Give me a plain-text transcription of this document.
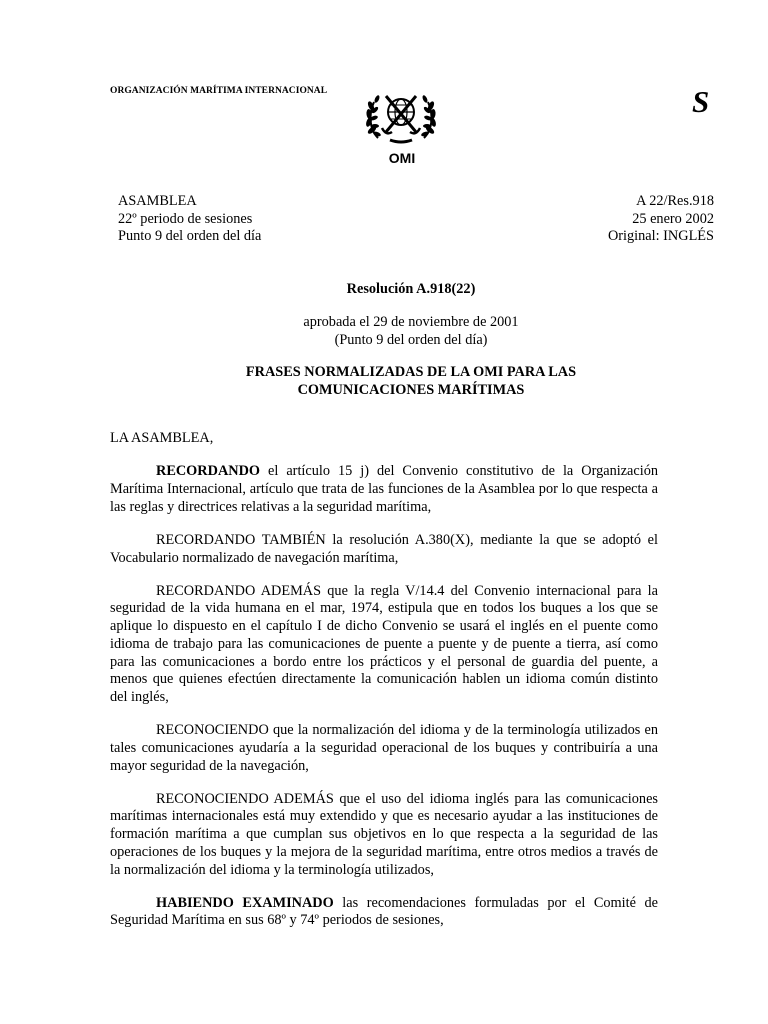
ORGANIZACIÓN MARÍTIMA INTERNACIONAL
OMI
S
ASAMBLEA
22º periodo de sesiones
Punto 9 del orden del día
A 22/Res.918
25 enero 2002
Original: INGLÉS
Resolución A.918(22)
aprobada el 29 de noviembre de 2001
(Punto 9 del orden del día)
FRASES NORMALIZADAS DE LA OMI PARA LAS
COMUNICACIONES MARÍTIMAS

LA ASAMBLEA,

RECORDANDO el artículo 15 j) del Convenio constitutivo de la Organización Marítima Internacional, artículo que trata de las funciones de la Asamblea por lo que respecta a las reglas y directrices relativas a la seguridad marítima,

RECORDANDO TAMBIÉN la resolución A.380(X), mediante la que se adoptó el Vocabulario normalizado de navegación marítima,

RECORDANDO ADEMÁS que la regla V/14.4 del Convenio internacional para la seguridad de la vida humana en el mar, 1974, estipula que en todos los buques a los que se aplique lo dispuesto en el capítulo I de dicho Convenio se usará el inglés en el puente como idioma de trabajo para las comunicaciones de puente a puente y de puente a tierra, así como para las comunicaciones a bordo entre los prácticos y el personal de guardia del puente, a menos que quienes efectúen directamente la comunicación hablen un idioma común distinto del inglés,

RECONOCIENDO que la normalización del idioma y de la terminología utilizados en tales comunicaciones ayudaría a la seguridad operacional de los buques y contribuiría a una mayor seguridad de la navegación,

RECONOCIENDO ADEMÁS que el uso del idioma inglés para las comunicaciones marítimas internacionales está muy extendido y que es necesario ayudar a las instituciones de formación marítima a que cumplan sus objetivos en lo que respecta a la seguridad de las operaciones de los buques y la mejora de la seguridad marítima, entre otros medios a través de la normalización del idioma y la terminología utilizados,

HABIENDO EXAMINADO las recomendaciones formuladas por el Comité de Seguridad Marítima en sus 68º y 74º periodos de sesiones,
